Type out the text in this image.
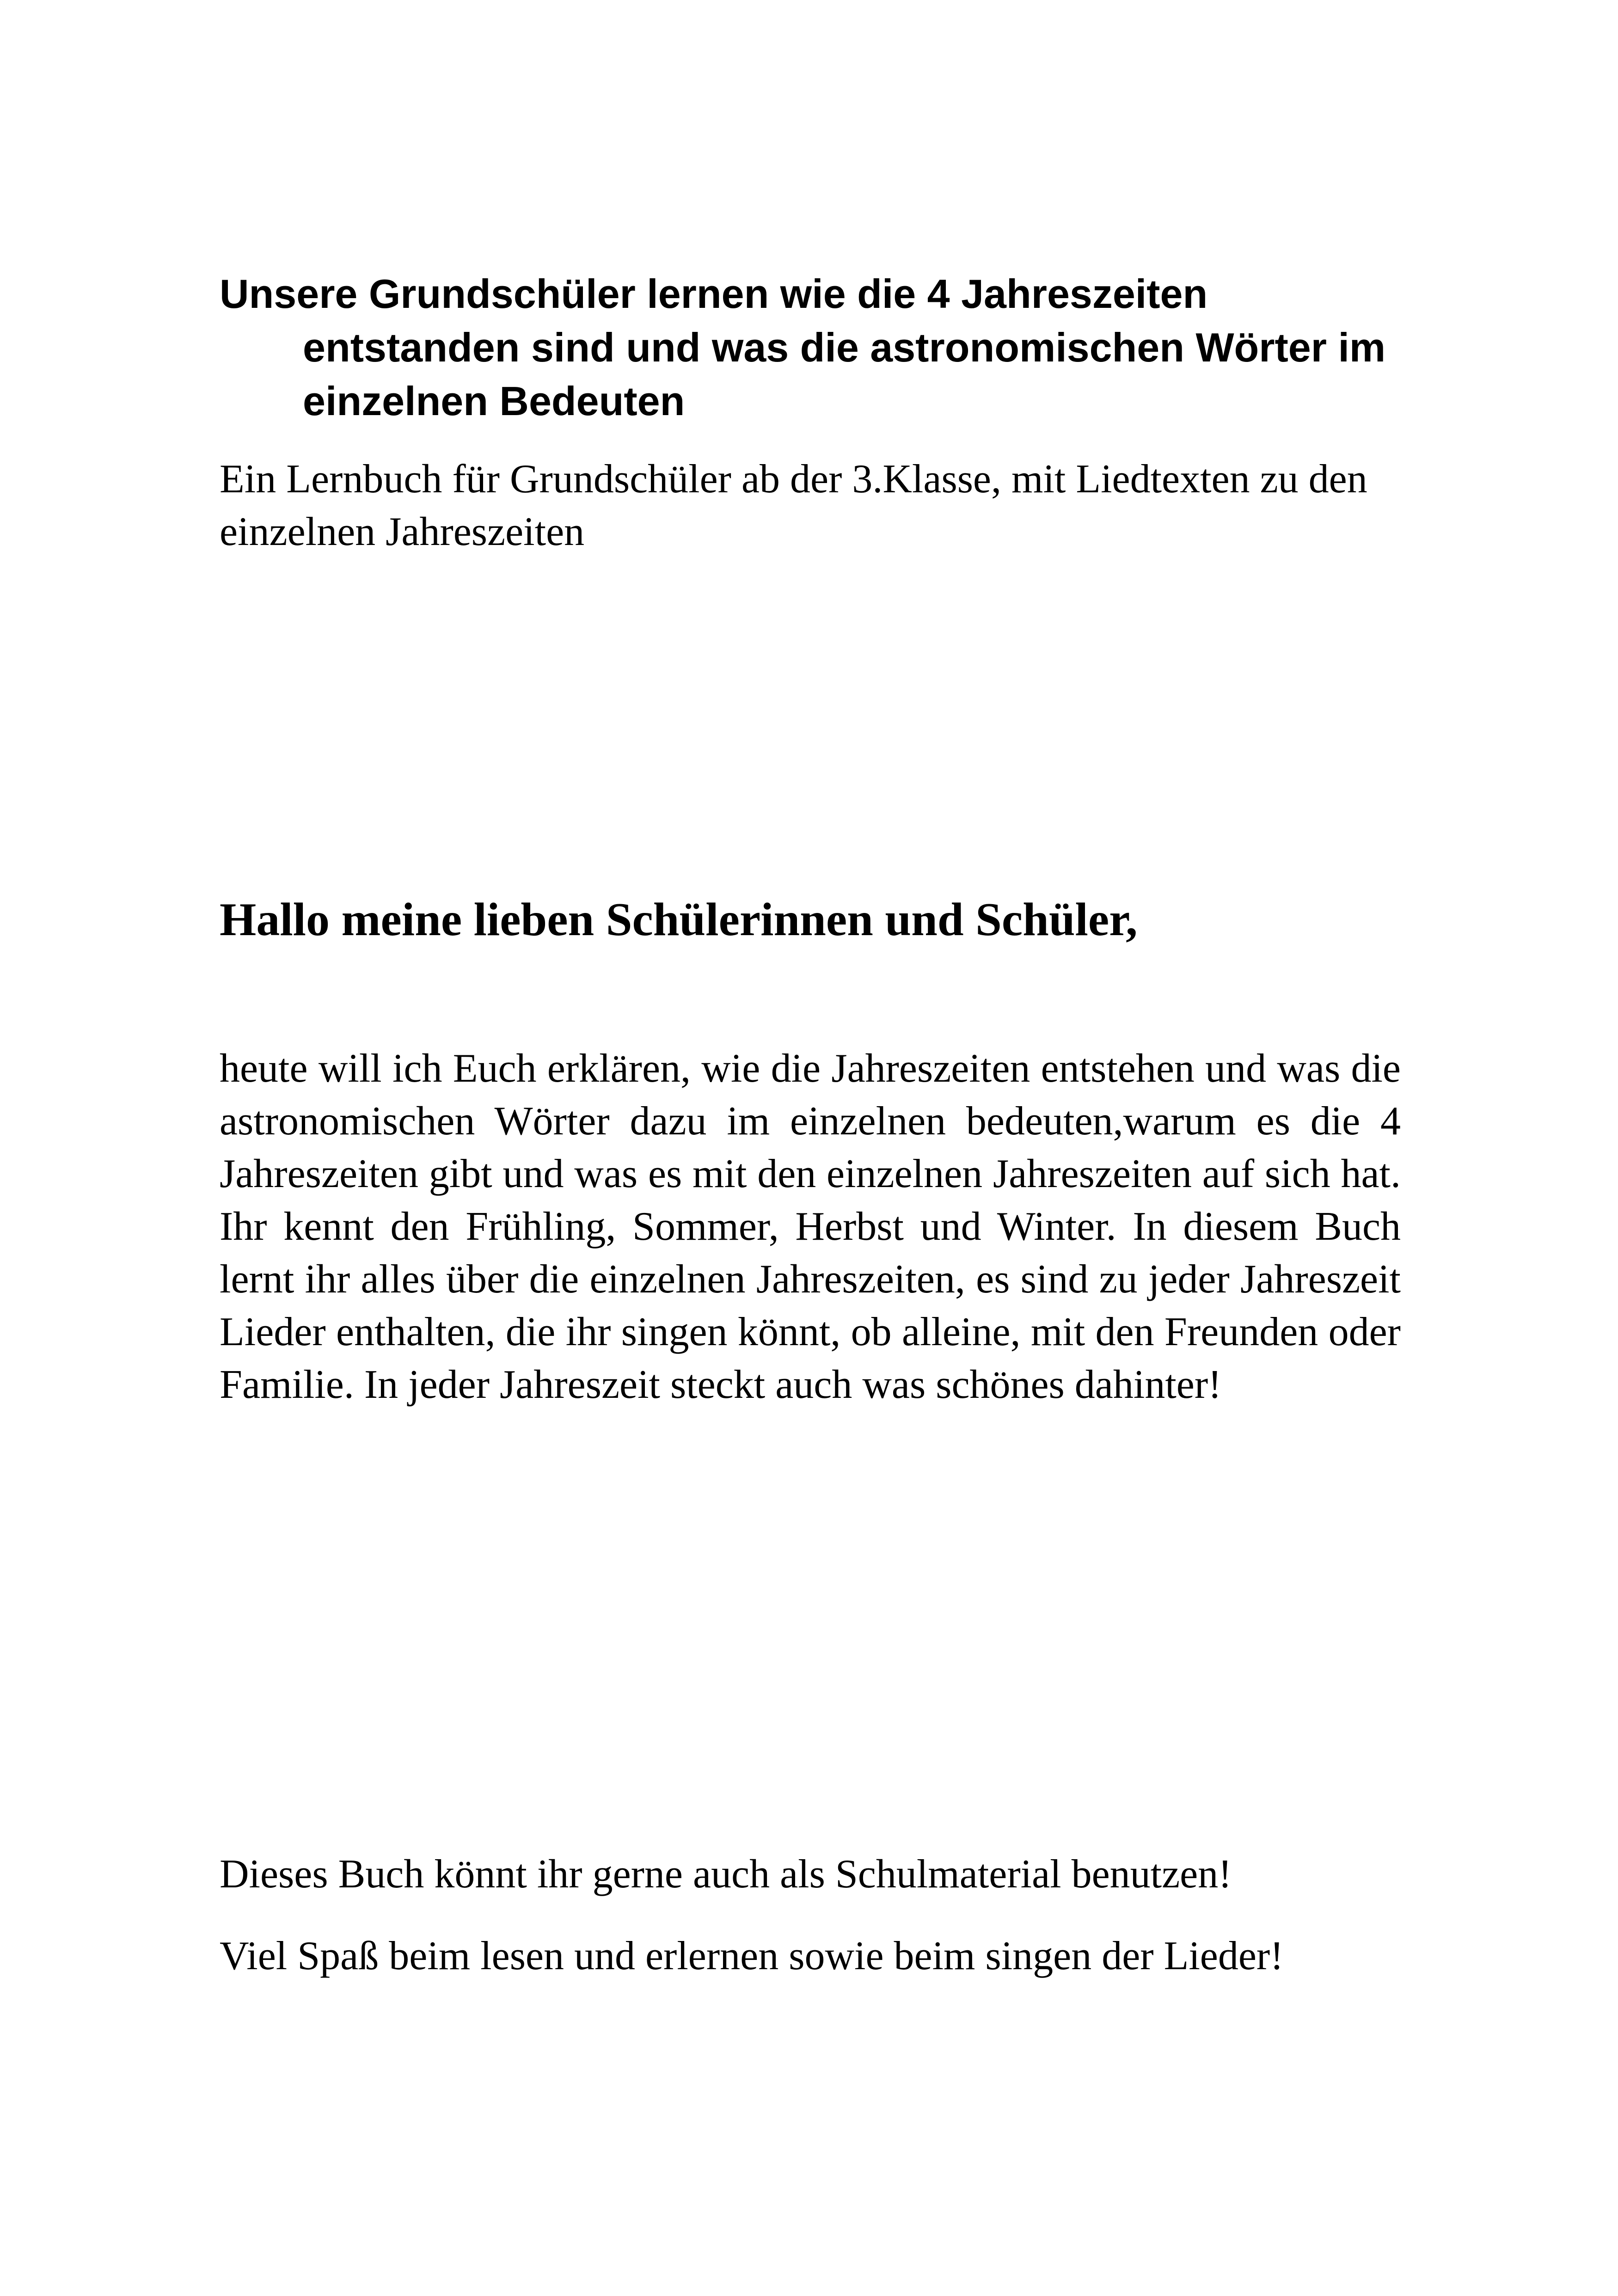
Unsere Grundschüler lernen wie die 4 Jahreszeiten entstanden sind und was die astronomischen Wörter im einzelnen Bedeuten

Ein Lernbuch für Grundschüler ab der 3.Klasse, mit Liedtexten zu den einzelnen Jahreszeiten

Hallo meine lieben Schülerinnen und Schüler,

heute will ich Euch erklären, wie die Jahreszeiten entstehen und was die astronomischen Wörter dazu im einzelnen bedeuten,warum es die 4 Jahreszeiten gibt und was es mit den einzelnen Jahreszeiten auf sich hat. Ihr kennt den Frühling, Sommer, Herbst und Winter. In diesem Buch lernt ihr alles über die einzelnen Jahreszeiten, es sind zu jeder Jahreszeit Lieder enthalten, die ihr singen könnt, ob alleine, mit den Freunden oder Familie. In jeder Jahreszeit steckt auch was schönes dahinter!

Dieses Buch könnt ihr gerne auch als Schulmaterial benutzen!

Viel Spaß beim lesen und erlernen sowie beim singen der Lieder!
